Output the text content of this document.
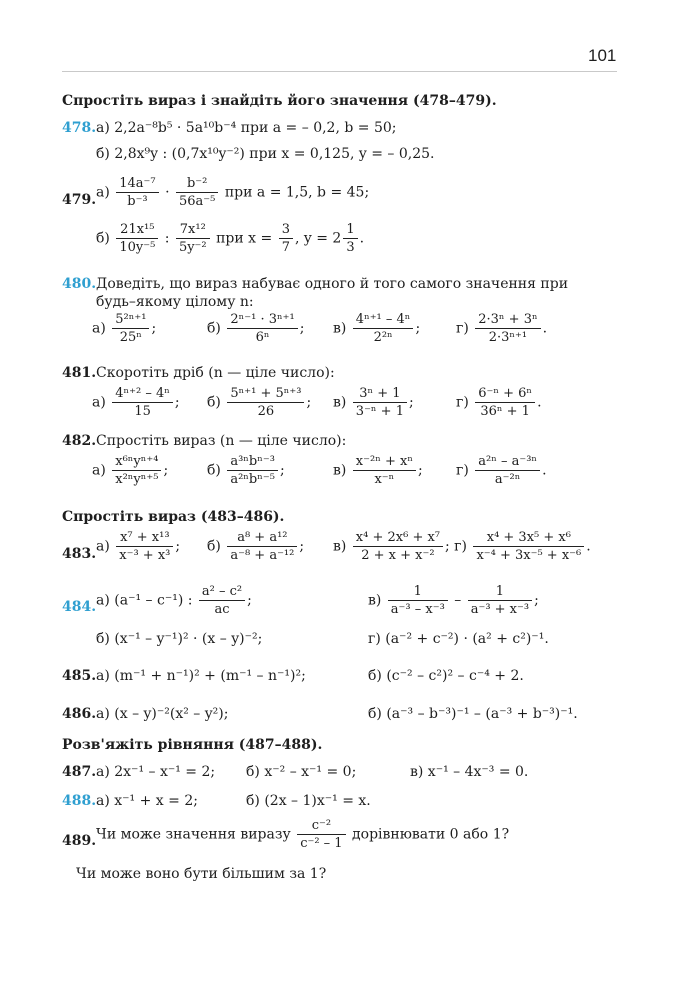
101
Спростіть вираз і знайдіть його значення (478–479).
478. а) 2,2a⁻⁸b⁵ · 5a¹⁰b⁻⁴ при a = – 0,2, b = 50;
б) 2,8x⁹y : (0,7x¹⁰y⁻²) при x = 0,125, y = – 0,25.
479. $а) \frac{\text{14a⁻⁷}}{\text{b⁻³}} \cdot \frac{\text{b⁻²}}{\text{56a⁻⁵}}$ при a = 1,5, b = 45;
$б) \frac{\text{21x¹⁵}}{\text{10y⁻⁵}}$ : $\frac{\text{7x¹²}}{\text{5y⁻²}}$ при $x = \frac{3}{7}$ , $y = 2 \frac{1}{3}$ .
480. Доведіть, що вираз набуває одного й того самого значення при
будь–якому цілому n:
$а) \frac{\text{5²ⁿ⁺¹}}{\text{25ⁿ}}$ ;	$б) \frac{\text{2ⁿ⁻¹ · 3ⁿ⁺¹}}{\text{6ⁿ}}$ ; $в) \frac{\text{4ⁿ⁺¹ – 4ⁿ}}{\text{2²ⁿ}}$ ;	$г) \frac{\text{2·3ⁿ + 3ⁿ}}{\text{2·3ⁿ⁺¹}}$ .
481. Скоротіть дріб (n — ціле число):
$а) \frac{\text{4ⁿ⁺² – 4ⁿ}}{15}$ ; $б) \frac{\text{5ⁿ⁺¹ + 5ⁿ⁺³}}{26}$ ; $в) \frac{\text{3ⁿ + 1}}{\text{3⁻ⁿ + 1}}$ ;	$г) \frac{\text{6⁻ⁿ + 6ⁿ}}{\text{36ⁿ + 1}}$ .
482. Спростіть вираз (n — ціле число):
$а) \frac{\text{x⁶ⁿyⁿ⁺⁴}}{\text{x²ⁿyⁿ⁺⁵}}$ ;	$б) \frac{\text{a³ⁿbⁿ⁻³}}{\text{a²ⁿbⁿ⁻⁵}}$ ;	$в) \frac{\text{x⁻²ⁿ + xⁿ}}{\text{x⁻ⁿ}}$ ; $г) \frac{\text{a²ⁿ – a⁻³ⁿ}}{\text{a⁻²ⁿ}}$ .
Спростіть вираз (483–486).
483. $а) \frac{\text{x⁷ + x¹³}}{\text{x⁻³ + x³}}$ ; $б) \frac{\text{a⁸ + a¹²}}{\text{a⁻⁸ + a⁻¹²}}$ ; $в) \frac{\text{x⁴ + 2x⁶ + x⁷}}{\text{2 + x + x⁻²}}$ ; $г) \frac{\text{x⁴ + 3x⁵ + x⁶}}{\text{x⁻⁴ + 3x⁻⁵ + x⁻⁶}}$ .
484. а) (a⁻¹ – c⁻¹) : $\frac{\text{a² – c²}}{ac}$ ;	$в) \frac{1}{\text{a⁻³ – x⁻³}} - \frac{1}{\text{a⁻³ + x⁻³}}$ ;
б) (x⁻¹ – y⁻¹)² · (x – y)⁻²;	г) (a⁻² + c⁻²) · (a² + c²)⁻¹.
485. а) (m⁻¹ + n⁻¹)² + (m⁻¹ – n⁻¹)²;	б) (c⁻² – c²)² – c⁻⁴ + 2.
486. а) (x – y)⁻²(x² – y²);	б) (a⁻³ – b⁻³)⁻¹ – (a⁻³ + b⁻³)⁻¹.
Розв'яжіть рівняння (487–488).
487. а) 2x⁻¹ – x⁻¹ = 2; б) x⁻² – x⁻¹ = 0;	в) x⁻¹ – 4x⁻³ = 0.
488. а) x⁻¹ + x = 2;	б) (2x – 1)x⁻¹ = x.
489. Чи може значення виразу $\frac{\text{c⁻²}}{\text{c⁻² – 1}}$ дорівнювати 0 або 1?
Чи може воно бути більшим за 1?
